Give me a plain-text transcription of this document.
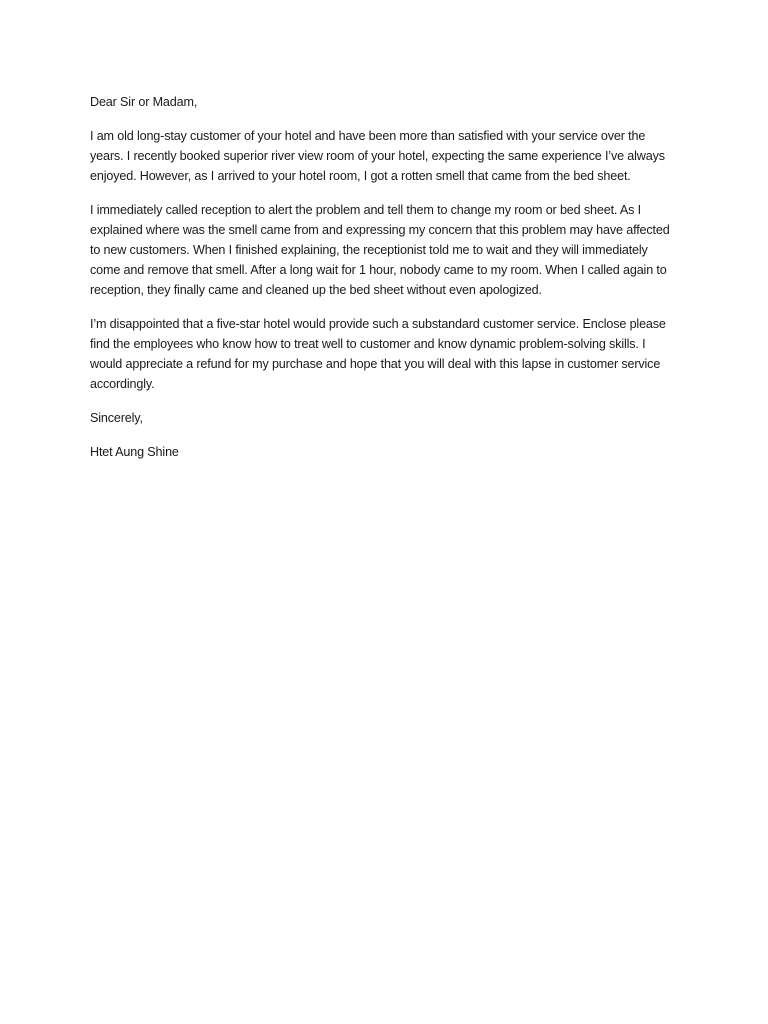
Dear Sir or Madam,

I am old long-stay customer of your hotel and have been more than satisfied with your service over the years. I recently booked superior river view room of your hotel, expecting the same experience I’ve always enjoyed. However, as I arrived to your hotel room, I got a rotten smell that came from the bed sheet.

I immediately called reception to alert the problem and tell them to change my room or bed sheet. As I explained where was the smell came from and expressing my concern that this problem may have affected to new customers. When I finished explaining, the receptionist told me to wait and they will immediately come and remove that smell. After a long wait for 1 hour, nobody came to my room. When I called again to reception, they finally came and cleaned up the bed sheet without even apologized.

I’m disappointed that a five-star hotel would provide such a substandard customer service. Enclose please find the employees who know how to treat well to customer and know dynamic problem-solving skills. I would appreciate a refund for my purchase and hope that you will deal with this lapse in customer service accordingly.

Sincerely,

Htet Aung Shine
